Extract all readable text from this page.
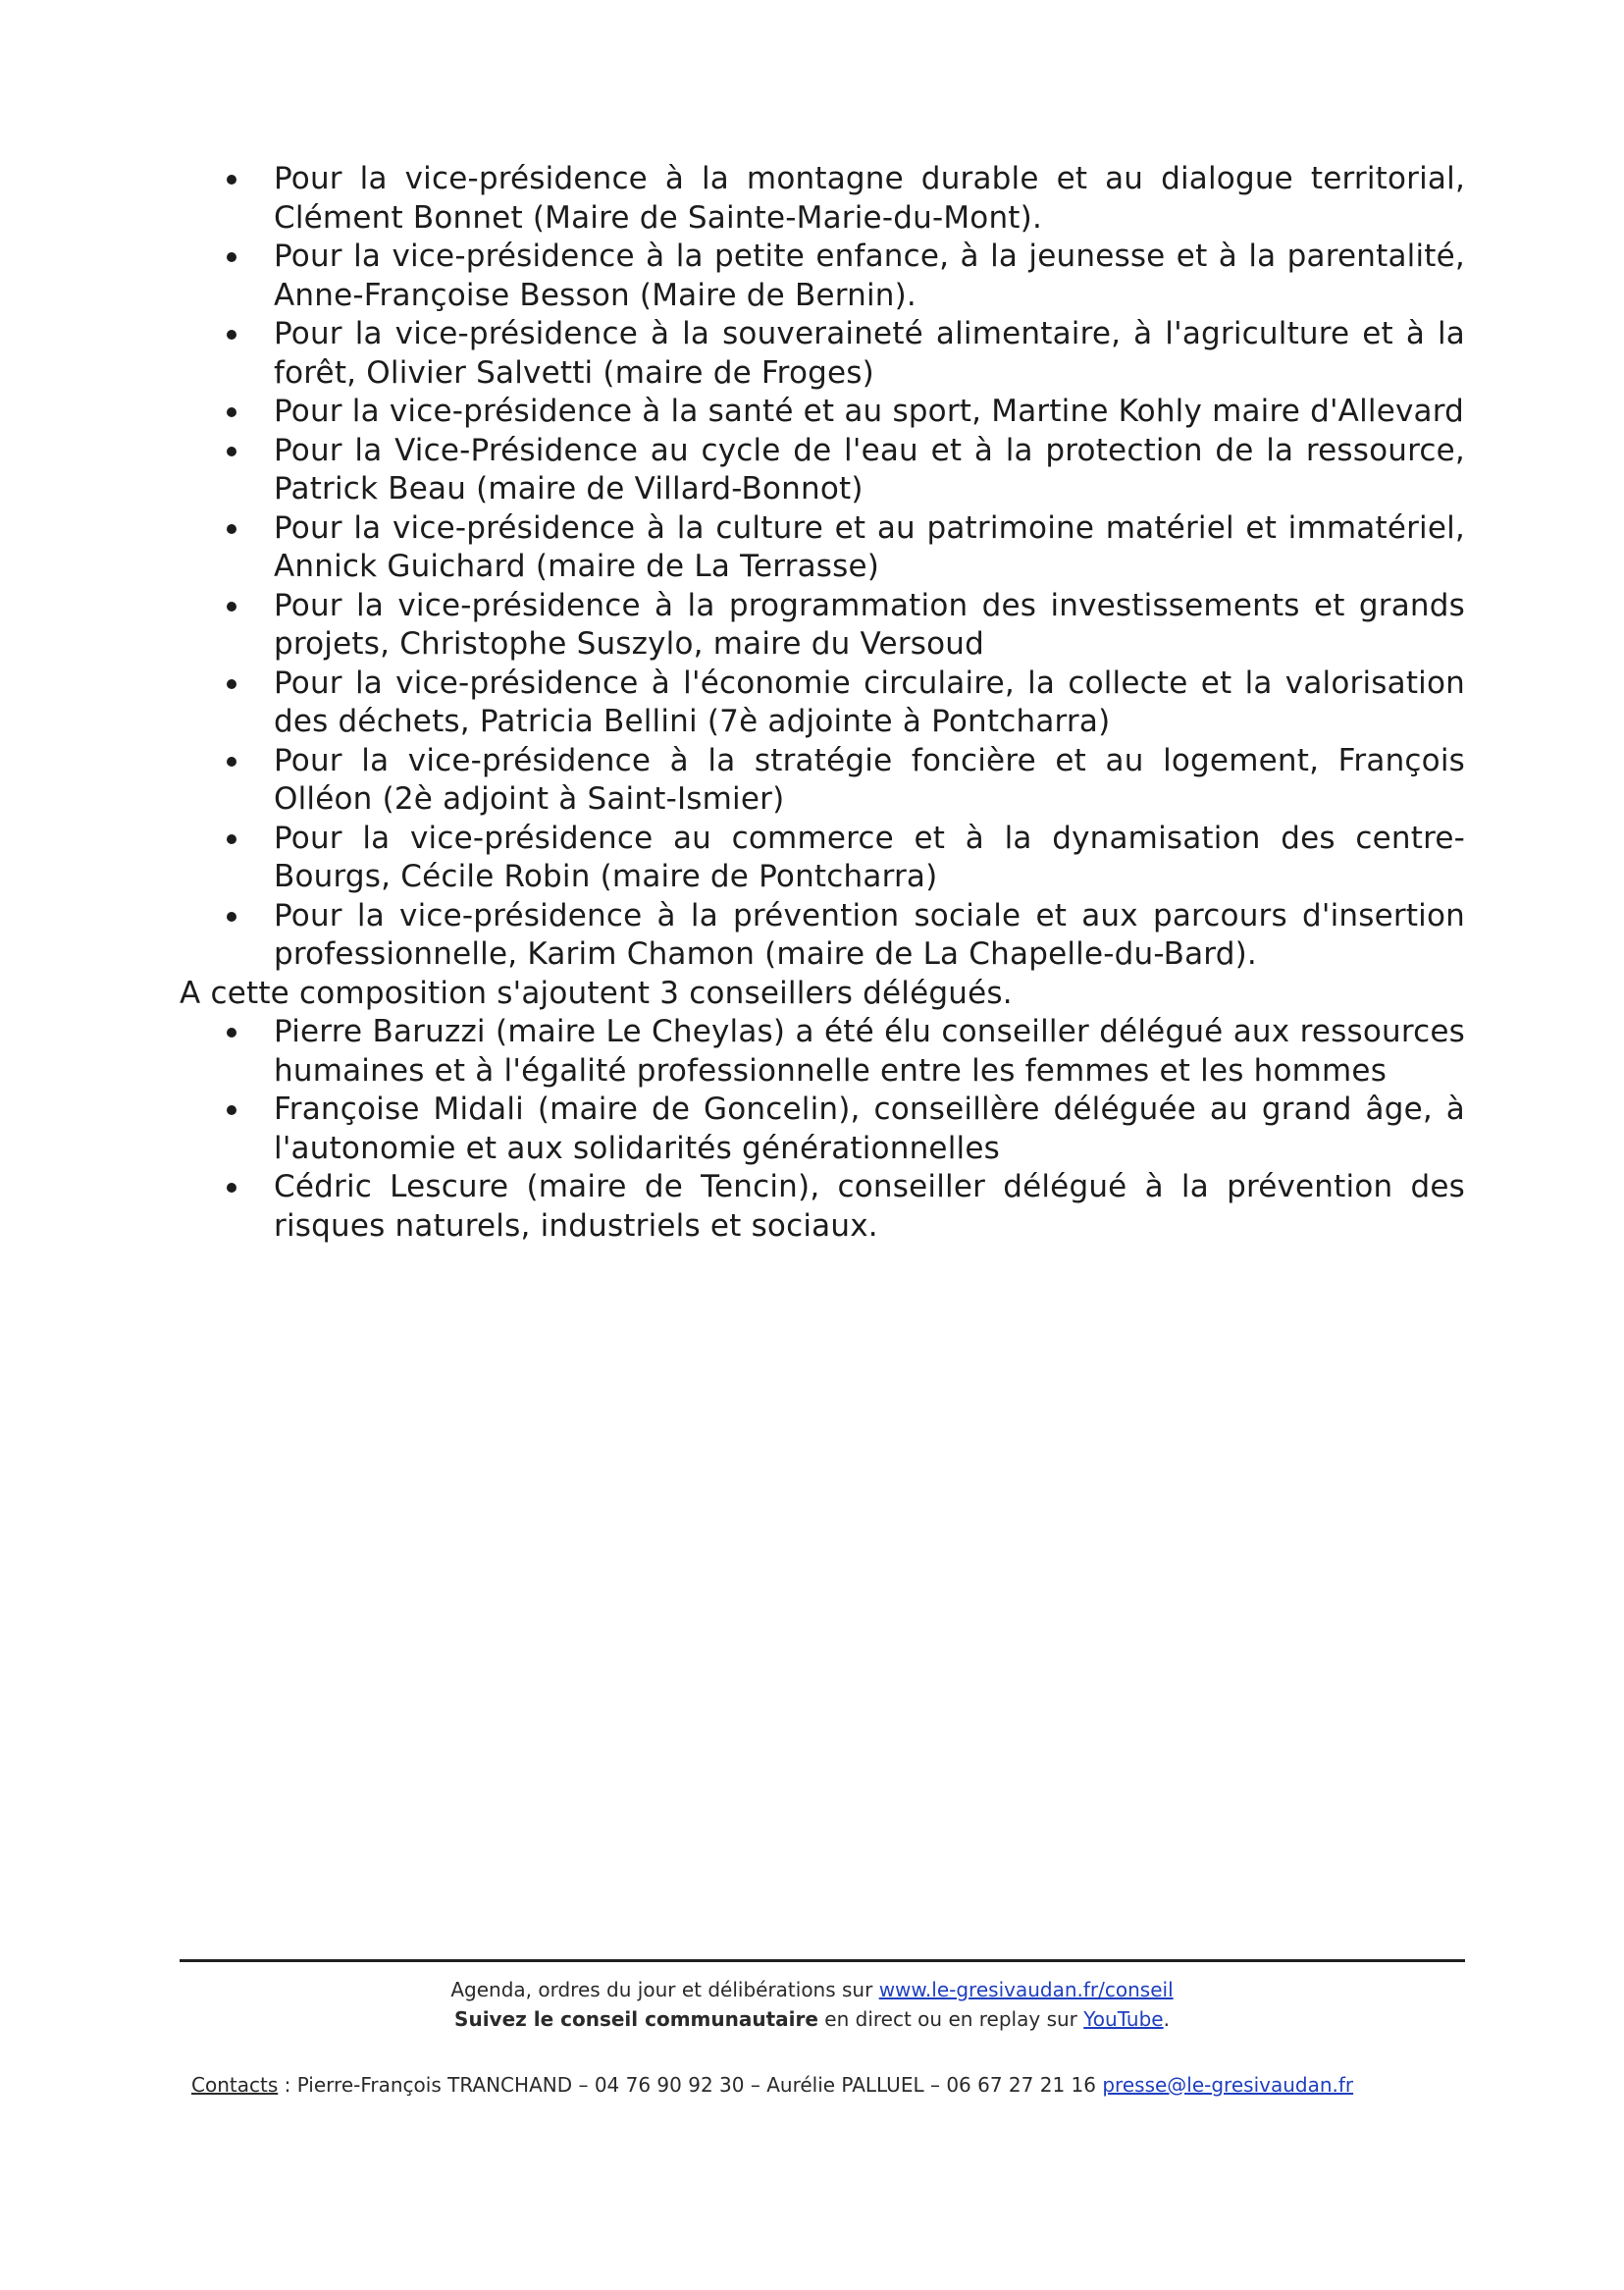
Pour la vice-présidence à la montagne durable et au dialogue territorial, Clément Bonnet (Maire de Sainte-Marie-du-Mont).
Pour la vice-présidence à la petite enfance, à la jeunesse et à la parentalité, Anne-Françoise Besson (Maire de Bernin).
Pour la vice-présidence à la souveraineté alimentaire, à l'agriculture et à la forêt, Olivier Salvetti (maire de Froges)
Pour la vice-présidence à la santé et au sport, Martine Kohly maire d'Allevard
Pour la Vice-Présidence au cycle de l'eau et à la protection de la ressource, Patrick Beau (maire de Villard-Bonnot)
Pour la vice-présidence à la culture et au patrimoine matériel et immatériel, Annick Guichard (maire de La Terrasse)
Pour la vice-présidence à la programmation des investissements et grands projets, Christophe Suszylo, maire du Versoud
Pour la vice-présidence à l'économie circulaire, la collecte et la valorisation des déchets, Patricia Bellini (7è adjointe à Pontcharra)
Pour la vice-présidence à la stratégie foncière et au logement, François Olléon (2è adjoint à Saint-Ismier)
Pour la vice-présidence au commerce et à la dynamisation des centre-Bourgs, Cécile Robin (maire de Pontcharra)
Pour la vice-présidence à la prévention sociale et aux parcours d'insertion professionnelle, Karim Chamon (maire de La Chapelle-du-Bard).
A cette composition s'ajoutent 3 conseillers délégués.
Pierre Baruzzi (maire Le Cheylas) a été élu conseiller délégué aux ressources humaines et à l'égalité professionnelle entre les femmes et les hommes
Françoise Midali (maire de Goncelin), conseillère déléguée au grand âge, à l'autonomie et aux solidarités générationnelles
Cédric Lescure (maire de Tencin), conseiller délégué à la prévention des risques naturels, industriels et sociaux.
Agenda, ordres du jour et délibérations sur www.le-gresivaudan.fr/conseil
Suivez le conseil communautaire en direct ou en replay sur YouTube.
Contacts : Pierre-François TRANCHAND – 04 76 90 92 30 – Aurélie PALLUEL – 06 67 27 21 16 presse@le-gresivaudan.fr
